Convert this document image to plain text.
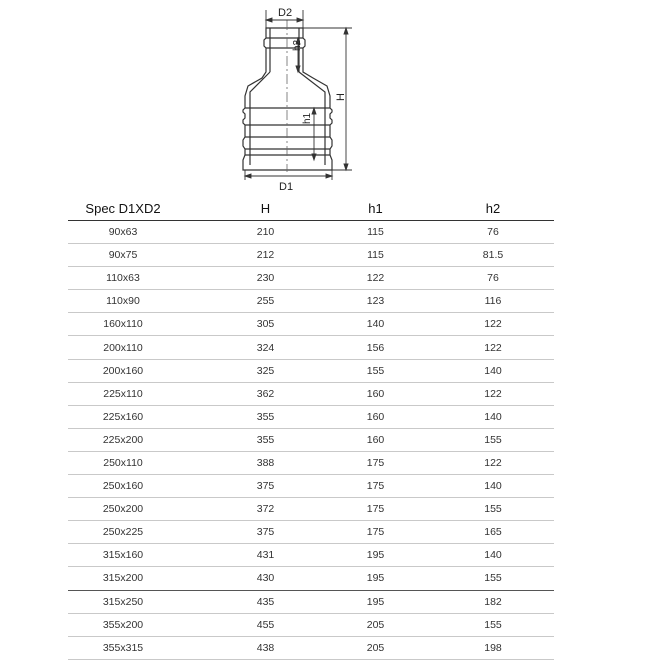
D2
h2
H
h1
D1
Spec D1XD2	H	h1	h2
90x63	210	115	76
90x75	212	115	81.5
110x63	230	122	76
110x90	255	123	116
160x110	305	140	122
200x110	324	156	122
200x160	325	155	140
225x110	362	160	122
225x160	355	160	140
225x200	355	160	155
250x110	388	175	122
250x160	375	175	140
250x200	372	175	155
250x225	375	175	165
315x160	431	195	140
315x200	430	195	155
315x250	435	195	182
355x200	455	205	155
355x315	438	205	198
